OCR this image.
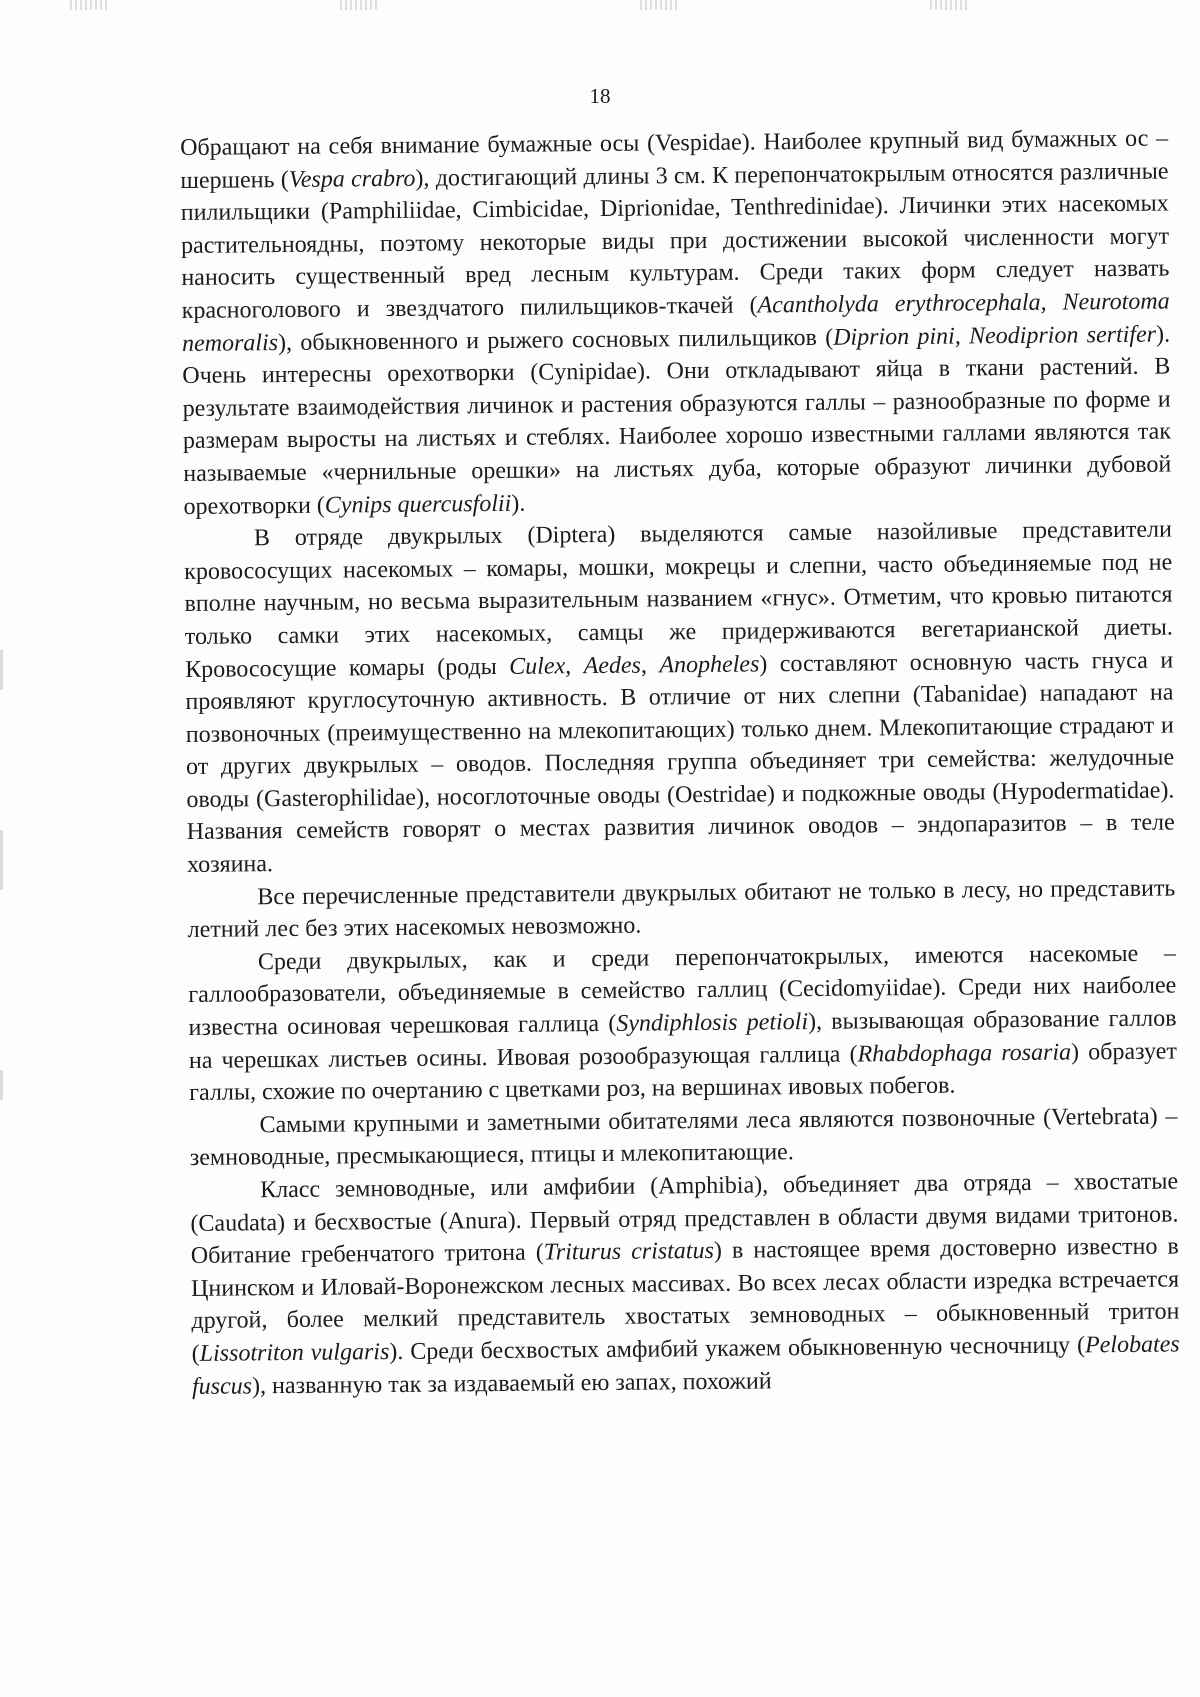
18

Обращают на себя внимание бумажные осы (Vespidae). Наиболее крупный вид бумажных ос – шершень (Vespa crabro), достигающий длины 3 см. К перепончатокрылым относятся различные пилильщики (Pamphiliidae, Cimbicidae, Diprionidae, Tenthredinidae). Личинки этих насекомых растительноядны, поэтому некоторые виды при достижении высокой численности могут наносить существенный вред лесным культурам. Среди таких форм следует назвать красноголового и звездчатого пилильщиков-ткачей (Acantholyda erythrocephala, Neurotoma nemoralis), обыкновенного и рыжего сосновых пилильщиков (Diprion pini, Neodiprion sertifer). Очень интересны орехотворки (Cynipidae). Они откладывают яйца в ткани растений. В результате взаимодействия личинок и растения образуются галлы – разнообразные по форме и размерам выросты на листьях и стеблях. Наиболее хорошо известными галлами являются так называемые «чернильные орешки» на листьях дуба, которые образуют личинки дубовой орехотворки (Cynips quercusfolii).

В отряде двукрылых (Diptera) выделяются самые назойливые представители кровососущих насекомых – комары, мошки, мокрецы и слепни, часто объединяемые под не вполне научным, но весьма выразительным названием «гнус». Отметим, что кровью питаются только самки этих насекомых, самцы же придерживаются вегетарианской диеты. Кровососущие комары (роды Culex, Aedes, Anopheles) составляют основную часть гнуса и проявляют круглосуточную активность. В отличие от них слепни (Tabanidae) нападают на позвоночных (преимущественно на млекопитающих) только днем. Млекопитающие страдают и от других двукрылых – оводов. Последняя группа объединяет три семейства: желудочные оводы (Gasterophilidae), носоглоточные оводы (Oestridae) и подкожные оводы (Hypodermatidae). Названия семейств говорят о местах развития личинок оводов – эндопаразитов – в теле хозяина.

Все перечисленные представители двукрылых обитают не только в лесу, но представить летний лес без этих насекомых невозможно.

Среди двукрылых, как и среди перепончатокрылых, имеются насекомые – галлообразователи, объединяемые в семейство галлиц (Cecidomyiidae). Среди них наиболее известна осиновая черешковая галлица (Syndiphlosis petioli), вызывающая образование галлов на черешках листьев осины. Ивовая розообразующая галлица (Rhabdophaga rosaria) образует галлы, схожие по очертанию с цветками роз, на вершинах ивовых побегов.

Самыми крупными и заметными обитателями леса являются позвоночные (Vertebrata) – земноводные, пресмыкающиеся, птицы и млекопитающие.

Класс земноводные, или амфибии (Amphibia), объединяет два отряда – хвостатые (Caudata) и бесхвостые (Anura). Первый отряд представлен в области двумя видами тритонов. Обитание гребенчатого тритона (Triturus cristatus) в настоящее время достоверно известно в Цнинском и Иловай-Воронежском лесных массивах. Во всех лесах области изредка встречается другой, более мелкий представитель хвостатых земноводных – обыкновенный тритон (Lissotriton vulgaris). Среди бесхвостых амфибий укажем обыкновенную чесночницу (Pelobates fuscus), названную так за издаваемый ею запах, похожий
